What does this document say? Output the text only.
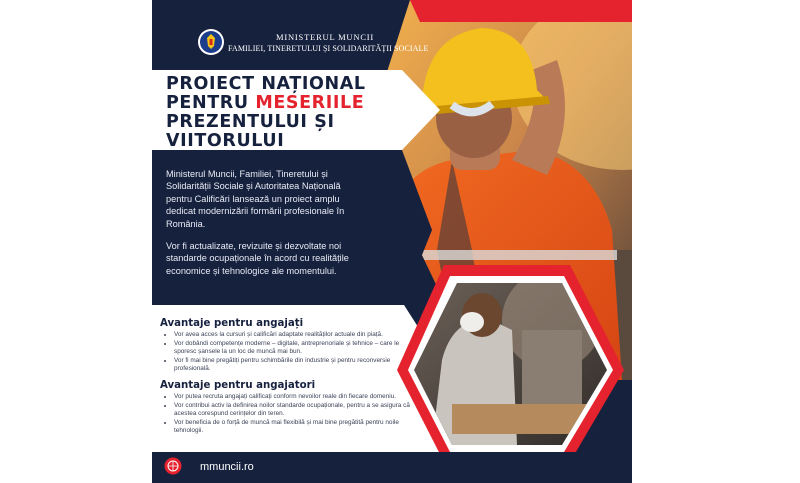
MINISTERUL MUNCII
FAMILIEI, TINERETULUI ȘI SOLIDARITĂȚII SOCIALE
PROIECT NAȚIONAL
PENTRU MESERIILE
PREZENTULUI ȘI
VIITORULUI

Ministerul Muncii, Familiei, Tineretului și Solidarității Sociale și Autoritatea Națională pentru Calificări lansează un proiect amplu dedicat modernizării formării profesionale în România.

Vor fi actualizate, revizuite și dezvoltate noi standarde ocupaționale în acord cu realitățile economice și tehnologice ale momentului.

Avantaje pentru angajați
• Vor avea acces la cursuri și calificări adaptate realităților actuale din piață.
• Vor dobândi competențe moderne – digitale, antreprenoriale și tehnice – care le sporesc șansele la un loc de muncă mai bun.
• Vor fi mai bine pregătiți pentru schimbările din industrie și pentru reconversie profesională.
Avantaje pentru angajatori
• Vor putea recruta angajați calificați conform nevoilor reale din fiecare domeniu.
• Vor contribui activ la definirea noilor standarde ocupaționale, pentru a se asigura că acestea corespund cerințelor din teren.
• Vor beneficia de o forță de muncă mai flexibilă și mai bine pregătită pentru noile tehnologii.
mmuncii.ro
